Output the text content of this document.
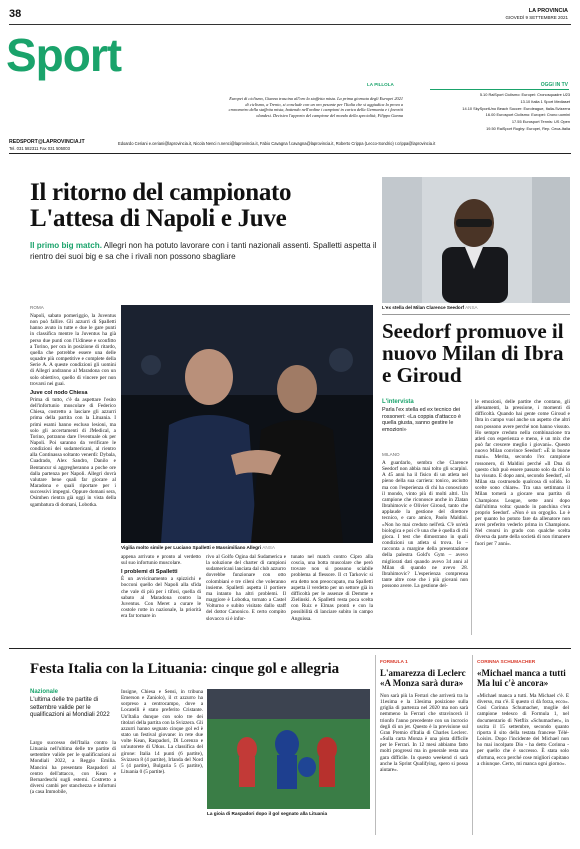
38	LA PROVINCIA
GIOVEDÌ 9 SETTEMBRE 2021
Sport
LA PILLOLA
Europei di ciclismo, Gianna trascina all'oro la staffetta mista. La prima giornata degli Europei 2021 di ciclismo, a Trento, si conclude con un oro pesante per l'Italia che si aggiudica la prova a cronometro della staffetta mista, battendo nell'ordine i campioni in carica della Germania e i favoriti olandesi. Decisivo l'apporto del campione del mondo della specialità, Filippo Ganna
OGGI IN TV
5.10 RaiSport Ciclismo: Europei: Cronosquadre U23
13.10 Italia 1 Sport Mediaset
14.10 SkySportUno Beach Soccer: Euroleague, Italia-Svizzera
16.00 Eurosport Ciclismo: Europei: Crono uomini
17.55 Eurosport Tennis: US Open
19.50 RaiSport Rugby: Europei, Rep. Ceca-Italia
REDSPORT@LAPROVINCIA.IT
Tel. 031 582311 Fax 031 505003
Edoardo Ceriani e.ceriani@laprovincia.it, Nicola Nenci n.nenci@laprovincia.it, Fabio Cavagna f.cavagna@laprovincia.it, Roberto Crippa (Lecco-Sondrio) r.crippa@laprovincia.it
Il ritorno del campionato
L'attesa di Napoli e Juve
Il primo big match. Allegri non ha potuto lavorare con i tanti nazionali assenti. Spalletti aspetta il rientro dei suoi big e sa che i rivali non possono sbagliare
L'ex stella del Milan Clarence Seedorf ANSA
Seedorf promuove il nuovo Milan di Ibra e Giroud
L'intervista
Parla l'ex stella ed ex tecnico dei rossoneri: «La coppia d'attacco è quella giusta, sanno gestire le emozioni»
MILANO
A guardarlo, sembra che Clarence Seedorf non abbia mai tolto gli scarpini. A 45 anni ha il fisico di un atleta nel pieno della sua carriera: tonico, asciutto ma con l'esperienza di chi ha conosciuto il mondo, vinto più di molti altri. Un campione che riconosce anche in Zlatan Ibrahimovic e Olivier Giroud, tanto che applaude la gestione del direttore tecnico, e caro amico, Paolo Maldini. «Non ho mai creduto nell'età. C'è un'età biologica e poi c'è una che è quella di chi gioca. I test che dimostrano in quali condizioni un atleta si trova. Io – racconta a margine della presentazione della palestra Gold's Gym – avevo migliorati dati quando avevo 34 anni al Milan di quando ne avevo 28. Ibrahimovic? L'esperienza comprensa tante altre cose che i più giovani non possono avere. La gestione del-
le emozioni, delle partite che contano, gli allenamenti, la pressione, i momenti di difficoltà. Quando hai gente come Giroud e Ibra in campo vuol anche un aspetto che altri non possono avere perché non hanno vissuto. Ho sempre creduto nella combinazione tra atleti con esperienza e meno, è un mix che può far crescere meglio i giovani». Questo nuovo Milan convince Seedorf: «È in buone mani». Merita, secondo l'ex campione rossonero, di Maldini perché «Il Dna di questo club può essere passato solo da chi lo ha vissuto. E dopo anni, secondo Seedorf, «il Milan sta costruendo qualcosa di solido. Io scelte sono chiare». Tra una settimana il Milan tornerà a giocare una partita di Champions League, sette anni dopo dall'ultima volta: quando in panchina c'era proprio Seedorf. «Non è un orgoglio. Lo è per quanto ho potuto fare da allenatore non avrei preferito vederlo prima in Champions. Nel crearsi in grado con qualche scelta diversa da parte della società di non rimanere fuori per 7 anni».
ROMA

Napoli, sabato pomeriggio, la Juventus non può fallire. Gli azzurri di Spalletti hanno avuto in tutte e due le gare punti in classifica mentre la Juventus ha già perso due punti con l'Udinese e sconfitto a Torino, per ora in posizione di ritardo, quella che potrebbe essere una delle squadre più competitive e complete della Serie A. A queste condizioni gli uomini di Allegri andranno al Maradona con un solo obiettivo, quello di vincere per non trovarsi nei guai.

Juve col nodo Chiesa

Prima di tutto, c'è da aspettare l'esito dell'infortunio muscolare di Federico Chiesa, costretto a lasciare gli azzurri prima della partita con la Lituania. I primi esami hanno escluso lesioni, ma solo gli accertamenti di JMedical, a Torino, potranno dare l'eventuale ok per Napoli. Poi saranno da verificare le condizioni dei sudamericani, al rientro alla Continassa soltanto venerdì: Dybala, Cuadrado, Alex Sandro, Danilo e Bentancur si aggregheranno a poche ore dalla partenza per Napoli. Allegri dovrà valutare bene quali far giocare al Maradona e quali riportare per i successivi impegni. Oppure domani sera, Osimhen rientra già oggi in vista della sgambatura di domani, Lobotka.

Vigilia molto simile per Luciano Spalletti e Massimiliano Allegri ANSA

appena arrivato e pronto al verdetto sul suo infortunio muscolare.

I problemi di Spalletti

È un avvicinamento a spizzichi e bocconi quello del Napoli alla sfida che vale di più per i tifosi, quella di sabato al Maradona contro la Juventus. Con Meret a curare le costole rotte in nazionale, la priorità era far tornare in

rivo al Golfo Ogina dal Sudamerica e la soluzione del charter di campioni sudamericani lanciata dal club azzurro dovrebbe funzionare con otto colombiani e tre cileni che voleranno insieme. Spalletti aspetta il portiere ma intanto ha altri problemi. Il maggiore è Lobotka, tornato a Castel Volturno e subito visitato dallo staff del dottor Canonico. E certo compito slovacco si è infor-
tunato nel match contro Cipro alla coscia, una botta muscolare che però trovare non si possono sciabile problema al flessore. Il ct Tarkovic si era detto non preoccupato, ma Spalletti aspetta il verdetto per un settore già in difficoltà per le assenze di Demme e Zielinski. A Spalletti resta poca scelta con Ruiz e Elmas pronti e con la possibilità di lanciare subito in campo Anguissa.
Festa Italia con la Lituania: cinque gol e allegria
Nazionale
L'ultima delle tre partite di settembre valide per le qualificazioni ai Mondiali 2022
Largo successo dell'Italia contro la Lituania nell'ultima delle tre partite di settembre valide per le qualificazioni ai Mondiali 2022, a Reggio Emilia. Mancini ha presentato Raspadori al centro dell'attacco, con Kean e Bernardeschi sugli esterni. Costretto a diversi cambi per stanchezza e infortuni (a casa Immobile,
Insigne, Chiesa e Sensi, in tribuna Emerson e Zaniolo), il ct azzurro ha sorpreso a centrocampo, dove a Locatelli è stato preferito Cristante. Un'Italia dunque con solo tre dei titolari della partita con la Svizzera. Gli azzurri hanno segnato cinque gol ed è stato un festival giovane: in rete due volte Kean, Raspadori, Di Lorenzo e un'autorete di Utkus. La classifica del girone: Italia 14 punti (6 partite), Svizzera 8 (4 partite), Irlanda del Nord 5 (4 partite), Bulgaria 5 (5 partite), Lituania 0 (5 partite).
La gioia di Raspadori dopo il gol segnato alla Lituania
FORMULA 1
L'amarezza di Leclerc «A Monza sarà dura»
Non sarà più la Ferrari che arriverà tra la 11esima e la 13esima posizione sulla griglia di partenza nel 2020 ma non sarà nemmeno la Ferrari che stravincerà il trionfo l'anno precedente con un incrocio degli di un jet. Questo è la previsione sul Gran Premio d'Italia di Charles Leclerc. «Sulla carta Monza è una pista difficile per le Ferrari. In 12 mesi abbiamo fatto molti progressi ma in generale resta una gara difficile. In questo weekend ci sarà anche la Sprint Qualifying, spero si possa aiutare».
CORINNA SCHUMACHER
«Michael manca a tutti Ma lui c'è ancora»
«Michael manca a tutti. Ma Michael c'è. È diverso, ma c'è. E questo ci dà forza, ecco». Così Corinna Schumacher, moglie del campione tedesco di Formula 1, nel documentario di Netflix «Schumacher», in uscita il 15 settembre, secondo quanto riporta il sito della testata francese Télé-Loisirs. Dopo l'incidente del Michael non ho mai incolpato Dio - ha detto Corinna - per quello che è successo. È stata solo sfortuna, ecco perché cose migliori capitano a chiunque. Certo, mi manca ogni giorno».
